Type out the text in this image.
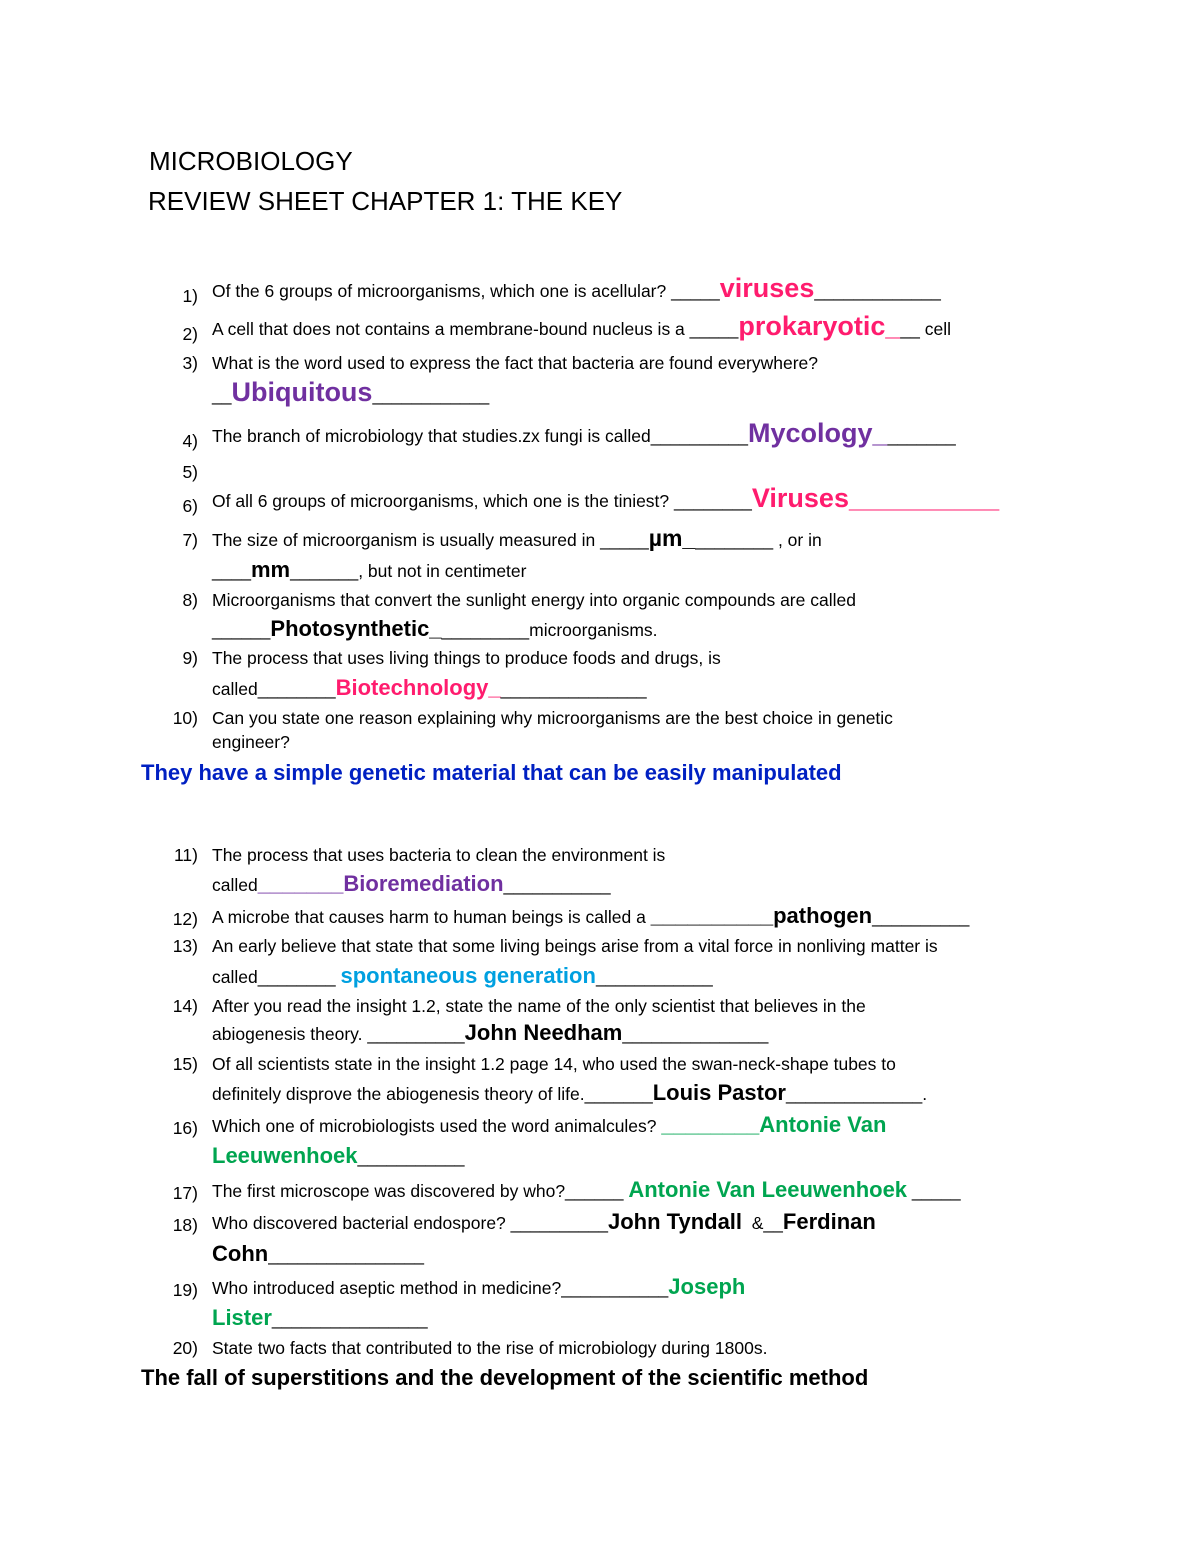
MICROBIOLOGY
REVIEW SHEET CHAPTER 1: THE KEY
1) Of the 6 groups of microorganisms, which one is acellular? _____viruses_____________
2) A cell that does not contains a membrane-bound nucleus is a _____prokaryotic___ cell
3) What is the word used to express the fact that bacteria are found everywhere?
__Ubiquitous____________
4) The branch of microbiology that studies.zx fungi is called__________Mycology________
5)
6) Of all 6 groups of microorganisms, which one is the tiniest? ________Viruses__________
7) The size of microorganism is usually measured in _____µm_________ , or in
____mm_______, but not in centimeter
8) Microorganisms that convert the sunlight energy into organic compounds are called
______Photosynthetic__________microorganisms.
9) The process that uses living things to produce foods and drugs, is
called________Biotechnology________________
10) Can you state one reason explaining why microorganisms are the best choice in genetic
engineer?
They have a simple genetic material that can be easily manipulated
11) The process that uses bacteria to clean the environment is
called_______Bioremediation___________
12) A microbe that causes harm to human beings is called a __________pathogen__________
13) An early believe that state that some living beings arise from a vital force in nonliving matter is
called________ spontaneous generation____________
14) After you read the insight 1.2, state the name of the only scientist that believes in the
abiogenesis theory. __________John Needham_______________
15) Of all scientists state in the insight 1.2 page 14, who used the swan-neck-shape tubes to
definitely disprove the abiogenesis theory of life._______Louis Pastor______________.
16) Which one of microbiologists used the word animalcules? ________Antonie Van
Leeuwenhoek___________
17) The first microscope was discovered by who?______ Antonie Van Leeuwenhoek _____
18) Who discovered bacterial endospore? __________John Tyndall  &__Ferdinan
Cohn________________
19) Who introduced aseptic method in medicine?___________Joseph
Lister________________
20) State two facts that contributed to the rise of microbiology during 1800s.
The fall of superstitions and the development of the scientific method
